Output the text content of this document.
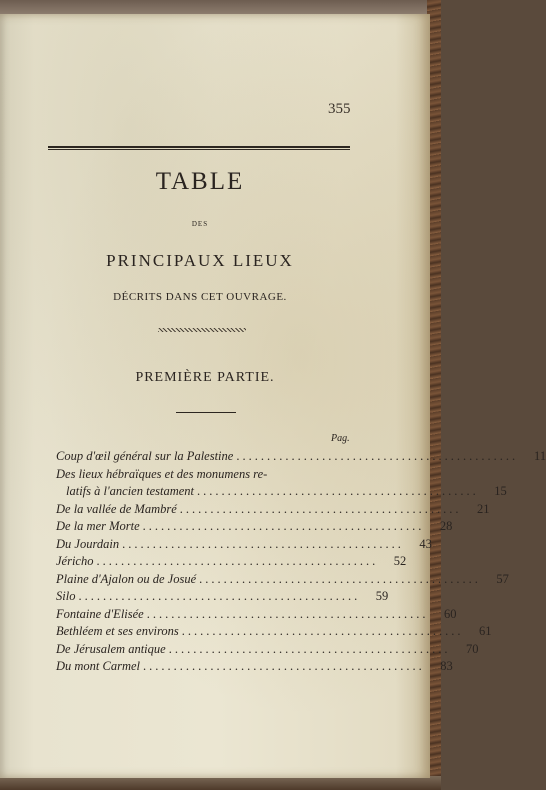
355
TABLE
DES
PRINCIPAUX LIEUX
DÉCRITS DANS CET OUVRAGE.
PREMIÈRE PARTIE.
Pag.
Coup d'œil général sur la Palestine ..............................................	11
Des lieux hébraïques et des monumens re-
latifs à l'ancien testament ..............................................	15
De la vallée de Mambré ..............................................	21
De la mer Morte ..............................................	28
Du Jourdain ..............................................	43
Jéricho ..............................................	52
Plaine d'Ajalon ou de Josué ..............................................	57
Silo ..............................................	59
Fontaine d'Elisée ..............................................	60
Bethléem et ses environs ..............................................	61
De Jérusalem antique ..............................................	70
Du mont Carmel ..............................................	83
